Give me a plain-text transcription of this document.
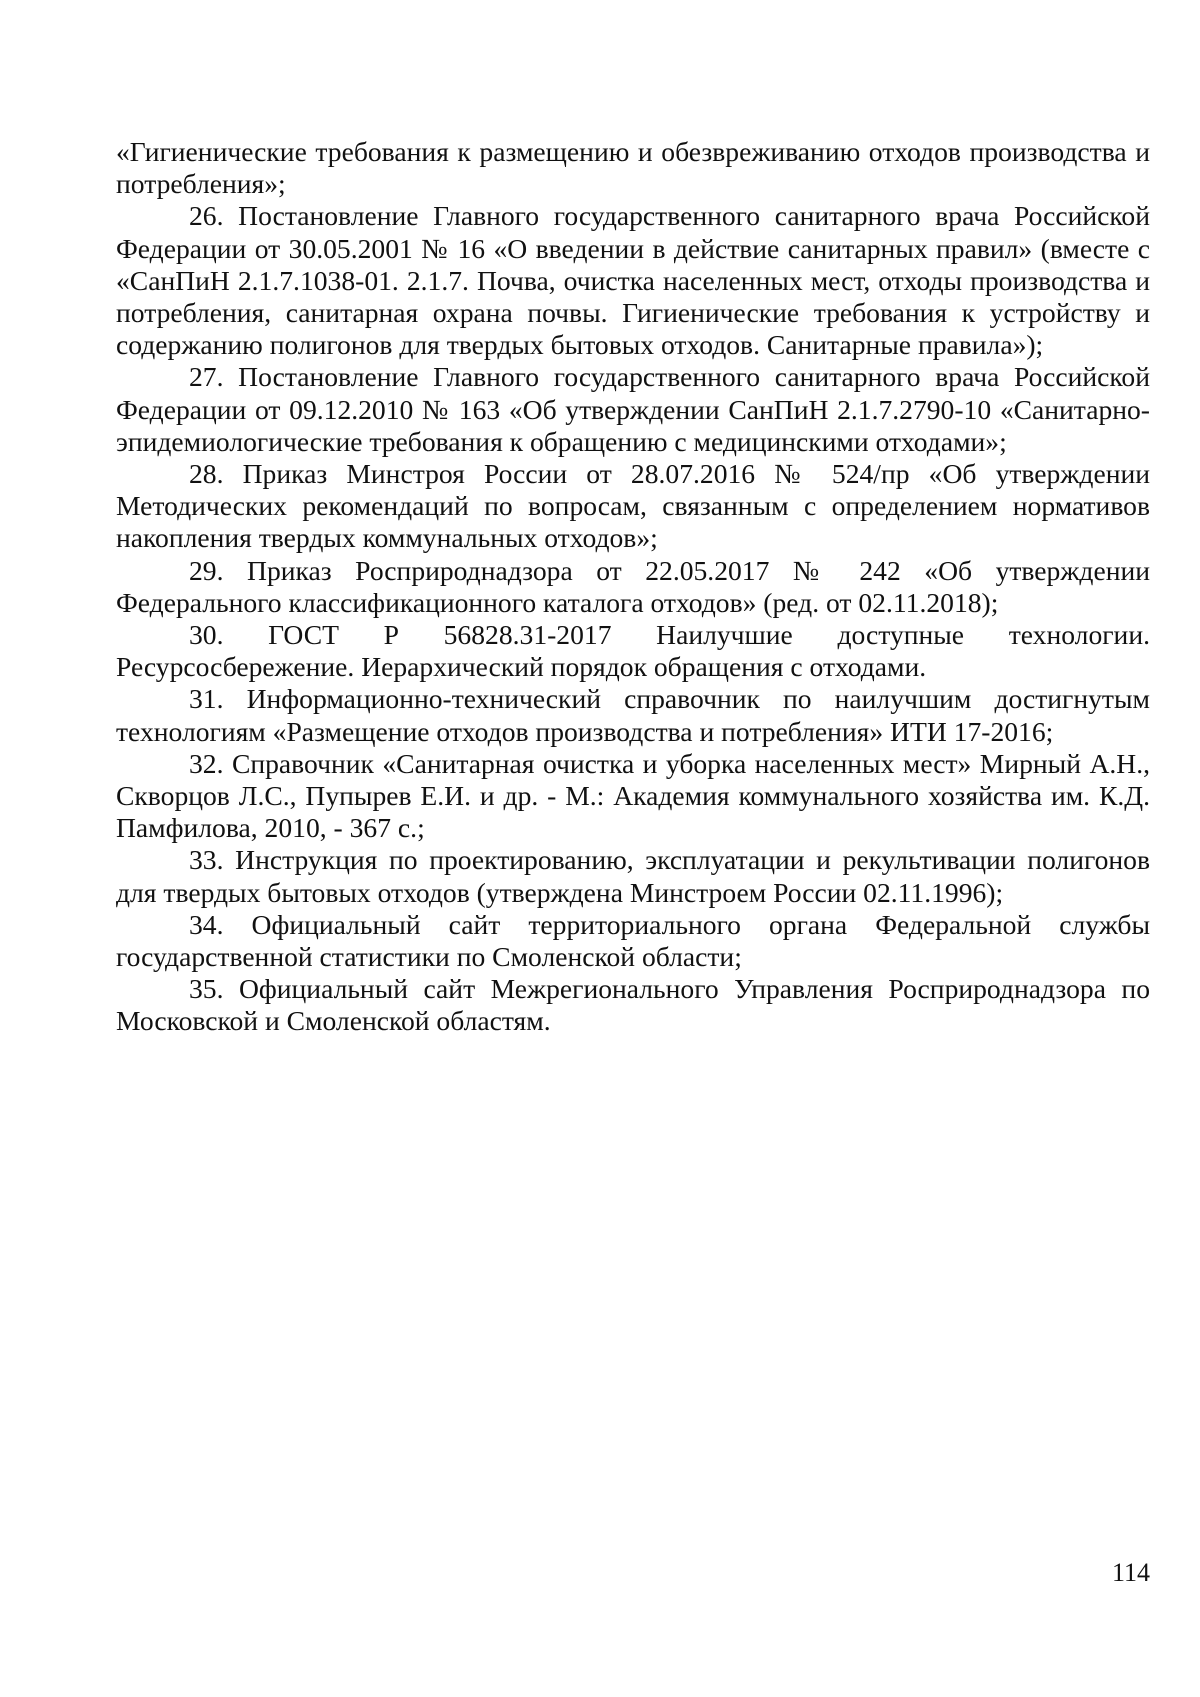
«Гигиенические требования к размещению и обезвреживанию отходов производства и потребления»;

26. Постановление Главного государственного санитарного врача Российской Федерации от 30.05.2001 № 16 «О введении в действие санитарных правил» (вместе с «СанПиН 2.1.7.1038-01. 2.1.7. Почва, очистка населенных мест, отходы производства и потребления, санитарная охрана почвы. Гигиенические требования к устройству и содержанию полигонов для твердых бытовых отходов. Санитарные правила»);

27. Постановление Главного государственного санитарного врача Российской Федерации от 09.12.2010 № 163 «Об утверждении СанПиН 2.1.7.2790-10 «Санитарно-эпидемиологические требования к обращению с медицинскими отходами»;

28. Приказ Минстроя России от 28.07.2016 № 524/пр «Об утверждении Методических рекомендаций по вопросам, связанным с определением нормативов накопления твердых коммунальных отходов»;

29. Приказ Росприроднадзора от 22.05.2017 № 242 «Об утверждении Федерального классификационного каталога отходов» (ред. от 02.11.2018);

30. ГОСТ Р 56828.31-2017 Наилучшие доступные технологии. Ресурсосбережение. Иерархический порядок обращения с отходами.

31. Информационно-технический справочник по наилучшим достигнутым технологиям «Размещение отходов производства и потребления» ИТИ 17-2016;

32. Справочник «Санитарная очистка и уборка населенных мест» Мирный А.Н., Скворцов Л.С., Пупырев Е.И. и др. - М.: Академия коммунального хозяйства им. К.Д. Памфилова, 2010, - 367 с.;

33. Инструкция по проектированию, эксплуатации и рекультивации полигонов для твердых бытовых отходов (утверждена Минстроем России 02.11.1996);

34. Официальный сайт территориального органа Федеральной службы государственной статистики по Смоленской области;

35. Официальный сайт Межрегионального Управления Росприроднадзора по Московской и Смоленской областям.

114
